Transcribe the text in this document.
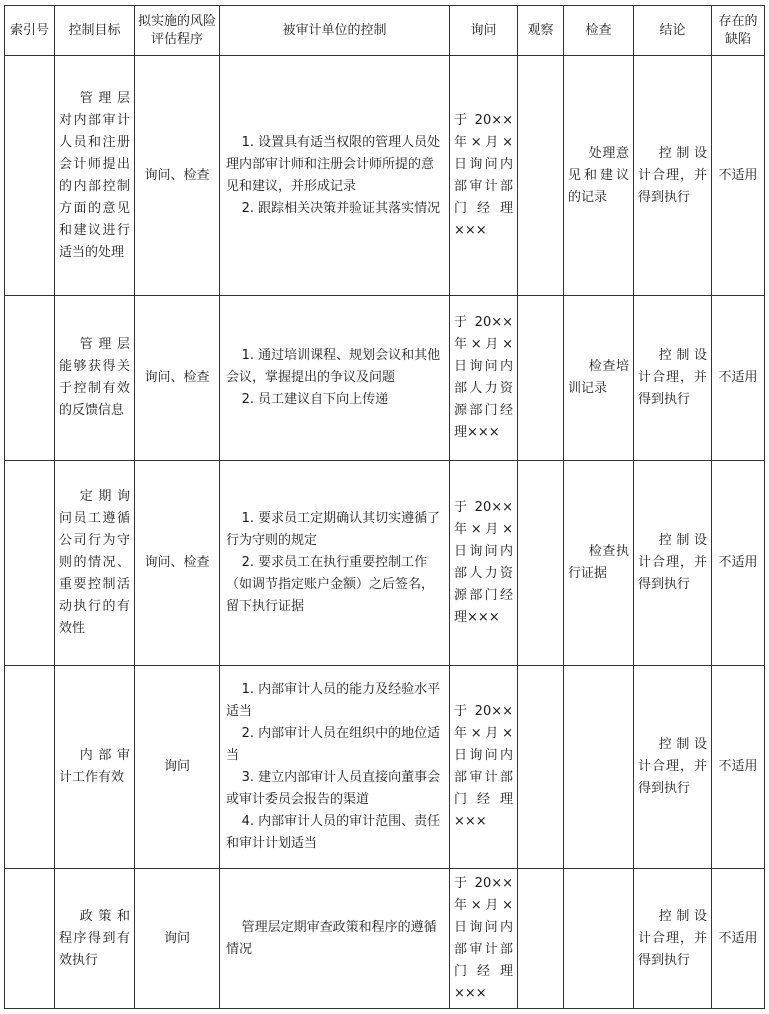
索引号	控制目标	拟实施的风险评估程序	被审计单位的控制	询问	观察	检查	结论	存在的缺陷
	管理层对内部审计人员和注册会计师提出的内部控制方面的意见和建议进行适当的处理	询问、检查	1. 设置具有适当权限的管理人员处理内部审计师和注册会计师所提的意见和建议，并形成记录
2. 跟踪相关决策并验证其落实情况	于20××年×月×日询问内部审计部门经理×××		处理意见和建议的记录	控制设计合理，并得到执行	不适用
	管理层能够获得关于控制有效的反馈信息	询问、检查	1. 通过培训课程、规划会议和其他会议，掌握提出的争议及问题
2. 员工建议自下向上传递	于20××年×月×日询问内部人力资源部门经理×××		检查培训记录	控制设计合理，并得到执行	不适用
	定期询问员工遵循公司行为守则的情况、重要控制活动执行的有效性	询问、检查	1. 要求员工定期确认其切实遵循了行为守则的规定
2. 要求员工在执行重要控制工作（如调节指定账户金额）之后签名，留下执行证据	于20××年×月×日询问内部人力资源部门经理×××		检查执行证据	控制设计合理，并得到执行	不适用
	内部审计工作有效	询问	1. 内部审计人员的能力及经验水平适当
2. 内部审计人员在组织中的地位适当
3. 建立内部审计人员直接向董事会或审计委员会报告的渠道
4. 内部审计人员的审计范围、责任和审计计划适当	于20××年×月×日询问内部审计部门经理×××			控制设计合理，并得到执行	不适用
	政策和程序得到有效执行	询问	管理层定期审查政策和程序的遵循情况	于20××年×月×日询问内部审计部门经理×××			控制设计合理，并得到执行	不适用
